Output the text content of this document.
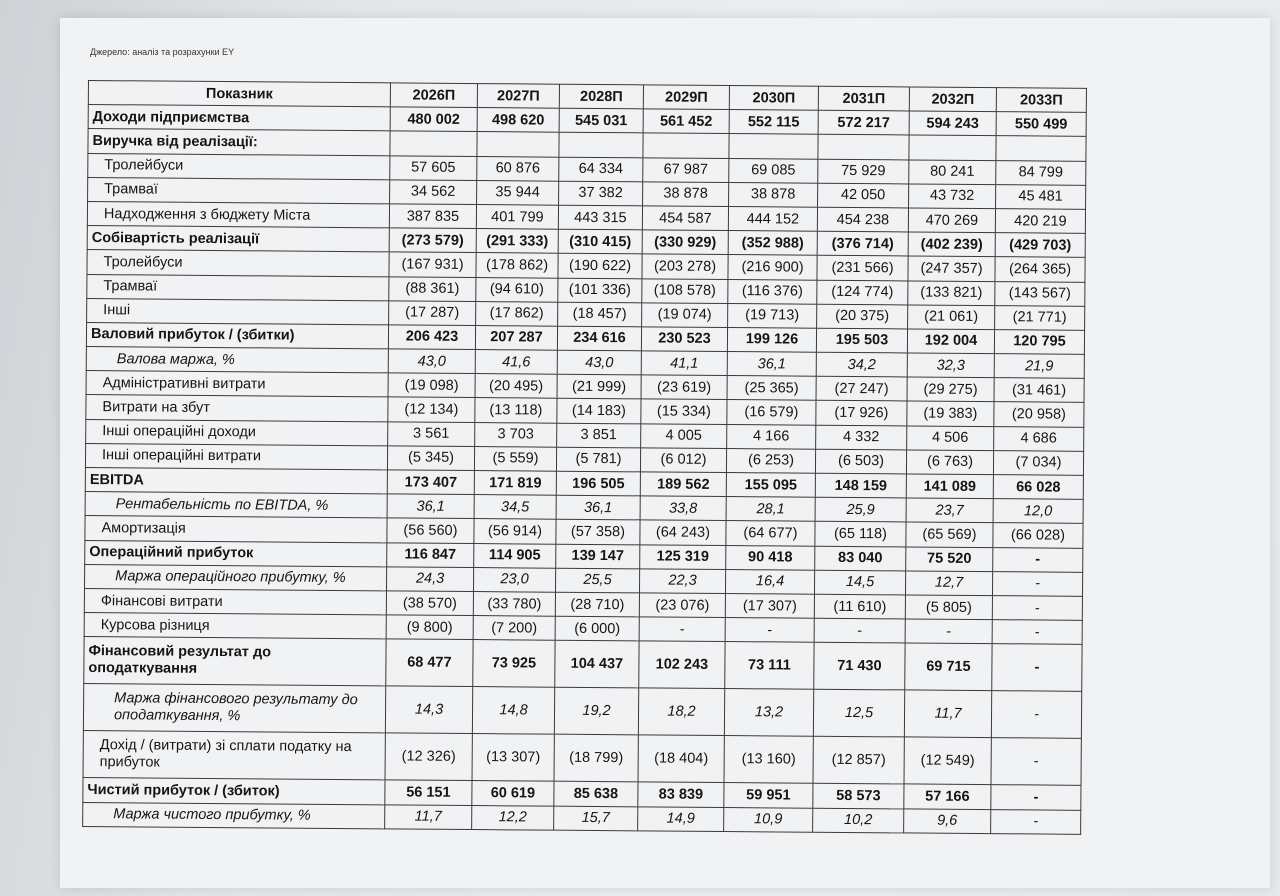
Джерело: аналіз та розрахунки EY
Показник	2026П	2027П	2028П	2029П	2030П	2031П	2032П	2033П
Доходи підприємства	480 002	498 620	545 031	561 452	552 115	572 217	594 243	550 499
Виручка від реалізації:								
Тролейбуси	57 605	60 876	64 334	67 987	69 085	75 929	80 241	84 799
Трамваї	34 562	35 944	37 382	38 878	38 878	42 050	43 732	45 481
Надходження з бюджету Міста	387 835	401 799	443 315	454 587	444 152	454 238	470 269	420 219
Собівартість реалізації	(273 579)	(291 333)	(310 415)	(330 929)	(352 988)	(376 714)	(402 239)	(429 703)
Тролейбуси	(167 931)	(178 862)	(190 622)	(203 278)	(216 900)	(231 566)	(247 357)	(264 365)
Трамваї	(88 361)	(94 610)	(101 336)	(108 578)	(116 376)	(124 774)	(133 821)	(143 567)
Інші	(17 287)	(17 862)	(18 457)	(19 074)	(19 713)	(20 375)	(21 061)	(21 771)
Валовий прибуток / (збитки)	206 423	207 287	234 616	230 523	199 126	195 503	192 004	120 795
Валова маржа, %	43,0	41,6	43,0	41,1	36,1	34,2	32,3	21,9
Адміністративні витрати	(19 098)	(20 495)	(21 999)	(23 619)	(25 365)	(27 247)	(29 275)	(31 461)
Витрати на збут	(12 134)	(13 118)	(14 183)	(15 334)	(16 579)	(17 926)	(19 383)	(20 958)
Інші операційні доходи	3 561	3 703	3 851	4 005	4 166	4 332	4 506	4 686
Інші операційні витрати	(5 345)	(5 559)	(5 781)	(6 012)	(6 253)	(6 503)	(6 763)	(7 034)
EBITDA	173 407	171 819	196 505	189 562	155 095	148 159	141 089	66 028
Рентабельність по EBITDA, %	36,1	34,5	36,1	33,8	28,1	25,9	23,7	12,0
Амортизація	(56 560)	(56 914)	(57 358)	(64 243)	(64 677)	(65 118)	(65 569)	(66 028)
Операційний прибуток	116 847	114 905	139 147	125 319	90 418	83 040	75 520	-
Маржа операційного прибутку, %	24,3	23,0	25,5	22,3	16,4	14,5	12,7	-
Фінансові витрати	(38 570)	(33 780)	(28 710)	(23 076)	(17 307)	(11 610)	(5 805)	-
Курсова різниця	(9 800)	(7 200)	(6 000)	-	-	-	-	-
Фінансовий результат до оподаткування	68 477	73 925	104 437	102 243	73 111	71 430	69 715	-
Маржа фінансового результату до оподаткування, %	14,3	14,8	19,2	18,2	13,2	12,5	11,7	-
Дохід / (витрати) зі сплати податку на прибуток	(12 326)	(13 307)	(18 799)	(18 404)	(13 160)	(12 857)	(12 549)	-
Чистий прибуток / (збиток)	56 151	60 619	85 638	83 839	59 951	58 573	57 166	-
Маржа чистого прибутку, %	11,7	12,2	15,7	14,9	10,9	10,2	9,6	-
